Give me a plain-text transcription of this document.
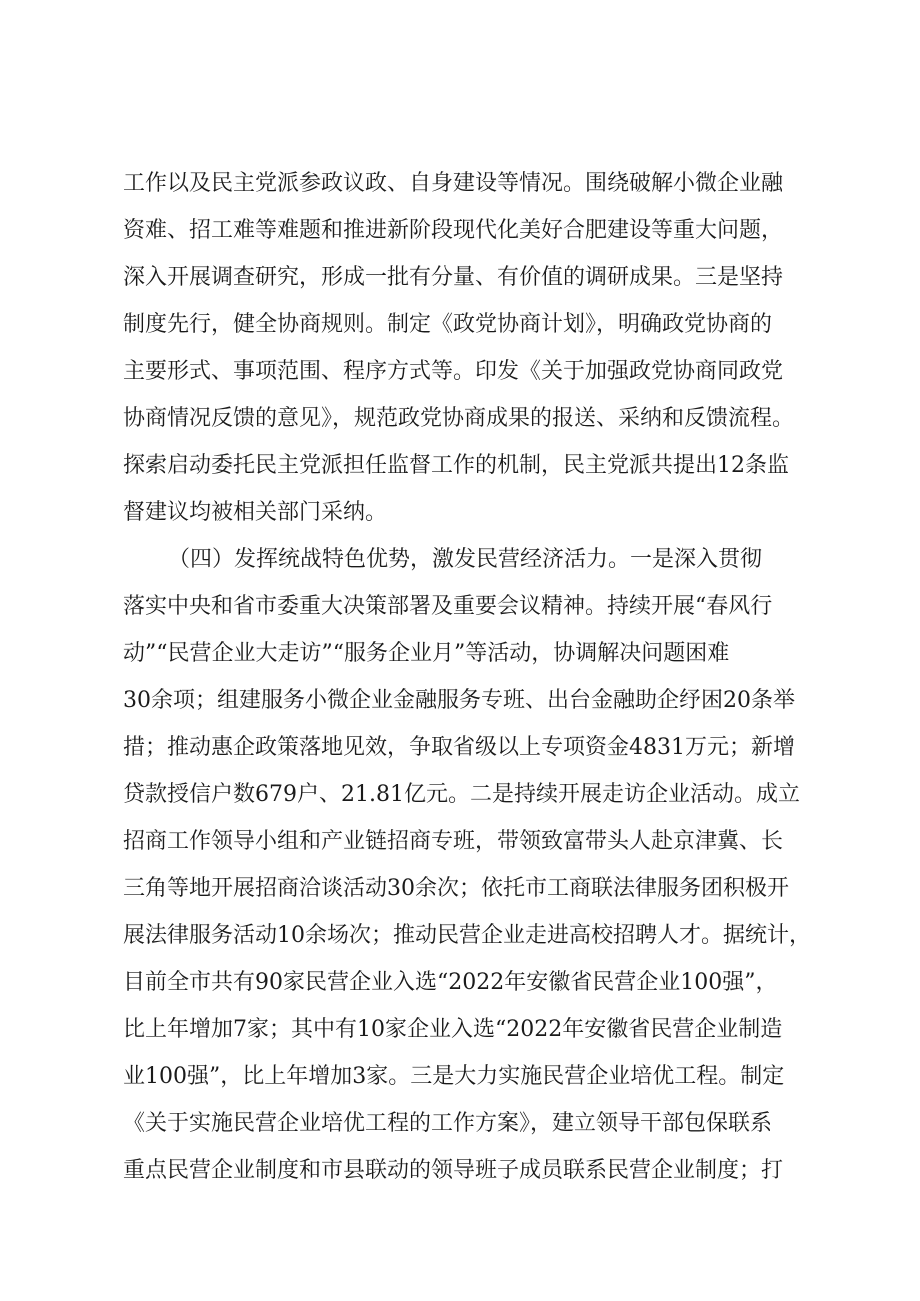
工作以及民主党派参政议政、自身建设等情况。围绕破解小微企业融
资难、招工难等难题和推进新阶段现代化美好合肥建设等重大问题，
深入开展调查研究，形成一批有分量、有价值的调研成果。三是坚持
制度先行，健全协商规则。制定《政党协商计划》，明确政党协商的
主要形式、事项范围、程序方式等。印发《关于加强政党协商同政党
协商情况反馈的意见》，规范政党协商成果的报送、采纳和反馈流程。
探索启动委托民主党派担任监督工作的机制，民主党派共提出12条监
督建议均被相关部门采纳。
（四）发挥统战特色优势，激发民营经济活力。一是深入贯彻
落实中央和省市委重大决策部署及重要会议精神。持续开展“春风行
动”“民营企业大走访”“服务企业月”等活动，协调解决问题困难
30余项；组建服务小微企业金融服务专班、出台金融助企纾困20条举
措；推动惠企政策落地见效，争取省级以上专项资金4831万元；新增
贷款授信户数679户、21.81亿元。二是持续开展走访企业活动。成立
招商工作领导小组和产业链招商专班，带领致富带头人赴京津冀、长
三角等地开展招商洽谈活动30余次；依托市工商联法律服务团积极开
展法律服务活动10余场次；推动民营企业走进高校招聘人才。据统计，
目前全市共有90家民营企业入选“2022年安徽省民营企业100强”，
比上年增加7家；其中有10家企业入选“2022年安徽省民营企业制造
业100强”，比上年增加3家。三是大力实施民营企业培优工程。制定
《关于实施民营企业培优工程的工作方案》，建立领导干部包保联系
重点民营企业制度和市县联动的领导班子成员联系民营企业制度；打
